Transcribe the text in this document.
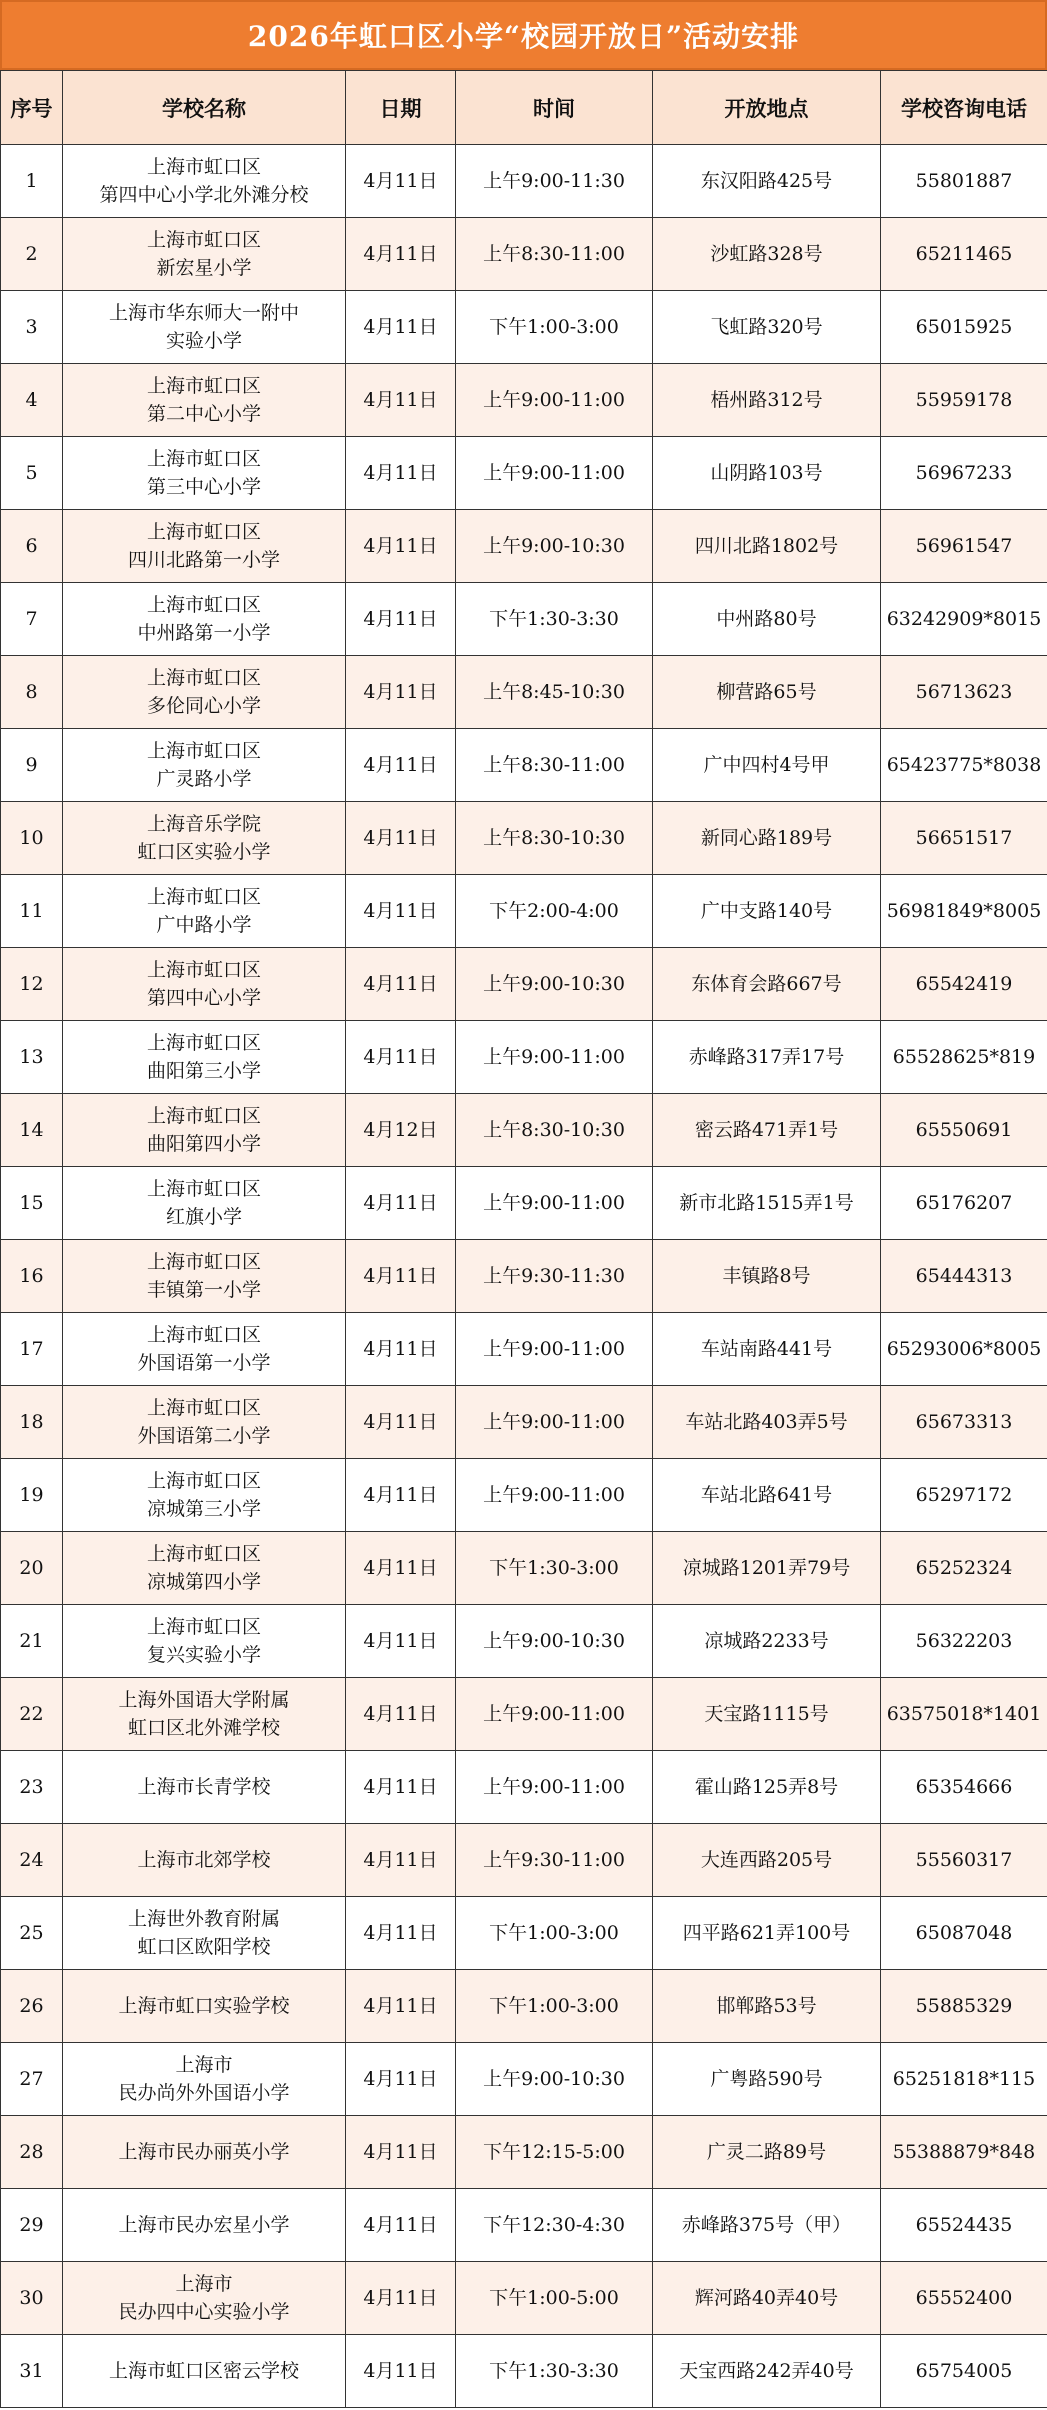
2026年虹口区小学“校园开放日”活动安排
序号	学校名称	日期	时间	开放地点	学校咨询电话
1	上海市虹口区
第四中心小学北外滩分校	4月11日	上午9:00-11:30	东汉阳路425号	55801887
2	上海市虹口区
新宏星小学	4月11日	上午8:30-11:00	沙虹路328号	65211465
3	上海市华东师大一附中
实验小学	4月11日	下午1:00-3:00	飞虹路320号	65015925
4	上海市虹口区
第二中心小学	4月11日	上午9:00-11:00	梧州路312号	55959178
5	上海市虹口区
第三中心小学	4月11日	上午9:00-11:00	山阴路103号	56967233
6	上海市虹口区
四川北路第一小学	4月11日	上午9:00-10:30	四川北路1802号	56961547
7	上海市虹口区
中州路第一小学	4月11日	下午1:30-3:30	中州路80号	63242909*8015
8	上海市虹口区
多伦同心小学	4月11日	上午8:45-10:30	柳营路65号	56713623
9	上海市虹口区
广灵路小学	4月11日	上午8:30-11:00	广中四村4号甲	65423775*8038
10	上海音乐学院
虹口区实验小学	4月11日	上午8:30-10:30	新同心路189号	56651517
11	上海市虹口区
广中路小学	4月11日	下午2:00-4:00	广中支路140号	56981849*8005
12	上海市虹口区
第四中心小学	4月11日	上午9:00-10:30	东体育会路667号	65542419
13	上海市虹口区
曲阳第三小学	4月11日	上午9:00-11:00	赤峰路317弄17号	65528625*819
14	上海市虹口区
曲阳第四小学	4月12日	上午8:30-10:30	密云路471弄1号	65550691
15	上海市虹口区
红旗小学	4月11日	上午9:00-11:00	新市北路1515弄1号	65176207
16	上海市虹口区
丰镇第一小学	4月11日	上午9:30-11:30	丰镇路8号	65444313
17	上海市虹口区
外国语第一小学	4月11日	上午9:00-11:00	车站南路441号	65293006*8005
18	上海市虹口区
外国语第二小学	4月11日	上午9:00-11:00	车站北路403弄5号	65673313
19	上海市虹口区
凉城第三小学	4月11日	上午9:00-11:00	车站北路641号	65297172
20	上海市虹口区
凉城第四小学	4月11日	下午1:30-3:00	凉城路1201弄79号	65252324
21	上海市虹口区
复兴实验小学	4月11日	上午9:00-10:30	凉城路2233号	56322203
22	上海外国语大学附属
虹口区北外滩学校	4月11日	上午9:00-11:00	天宝路1115号	63575018*1401
23	上海市长青学校	4月11日	上午9:00-11:00	霍山路125弄8号	65354666
24	上海市北郊学校	4月11日	上午9:30-11:00	大连西路205号	55560317
25	上海世外教育附属
虹口区欧阳学校	4月11日	下午1:00-3:00	四平路621弄100号	65087048
26	上海市虹口实验学校	4月11日	下午1:00-3:00	邯郸路53号	55885329
27	上海市
民办尚外外国语小学	4月11日	上午9:00-10:30	广粤路590号	65251818*115
28	上海市民办丽英小学	4月11日	下午12:15-5:00	广灵二路89号	55388879*848
29	上海市民办宏星小学	4月11日	下午12:30-4:30	赤峰路375号（甲）	65524435
30	上海市
民办四中心实验小学	4月11日	下午1:00-5:00	辉河路40弄40号	65552400
31	上海市虹口区密云学校	4月11日	下午1:30-3:30	天宝西路242弄40号	65754005
